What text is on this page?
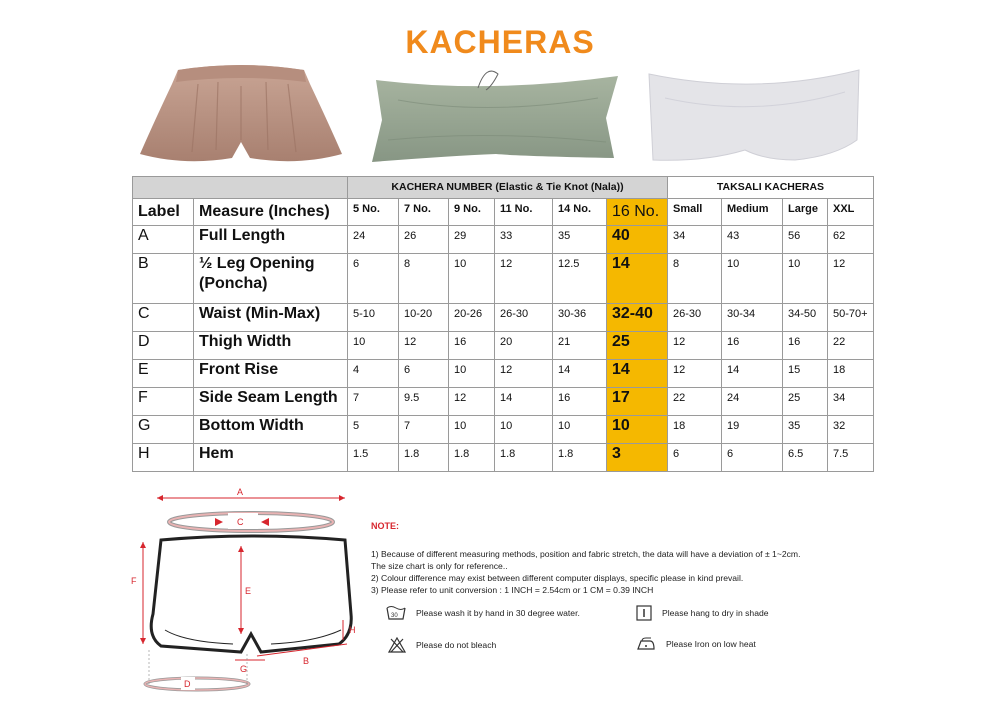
KACHERAS
		KACHERA NUMBER (Elastic & Tie Knot (Nala))						TAKSALI KACHERAS			
Label	Measure (Inches)	5 No.	7 No.	9 No.	11 No.	14 No.	16 No.	Small	Medium	Large	XXL
A	Full Length	24	26	29	33	35	40	34	43	56	62
B	½ Leg Opening
(Poncha)	6	8	10	12	12.5	14	8	10	10	12
C	Waist (Min-Max)	5-10	10-20	20-26	26-30	30-36	32-40	26-30	30-34	34-50	50-70+
D	Thigh Width	10	12	16	20	21	25	12	16	16	22
E	Front Rise	4	6	10	12	14	14	12	14	15	18
F	Side Seam Length	7	9.5	12	14	16	17	22	24	25	34
G	Bottom Width	5	7	10	10	10	10	18	19	35	32
H	Hem	1.5	1.8	1.8	1.8	1.8	3	6	6	6.5	7.5
A
C
E
F
H
G
B
D
NOTE:

1) Because of different measuring methods, position and fabric stretch, the data will have a deviation of ± 1~2cm.

The size chart is only for reference..

2) Colour difference may exist between different computer displays, specific please in kind prevail.

3) Please refer to unit conversion : 1 INCH = 2.54cm or 1 CM = 0.39 INCH

30 Please wash it by hand in 30 degree water.	Please hang to dry in shade
Please do not bleach	Please Iron on low heat
